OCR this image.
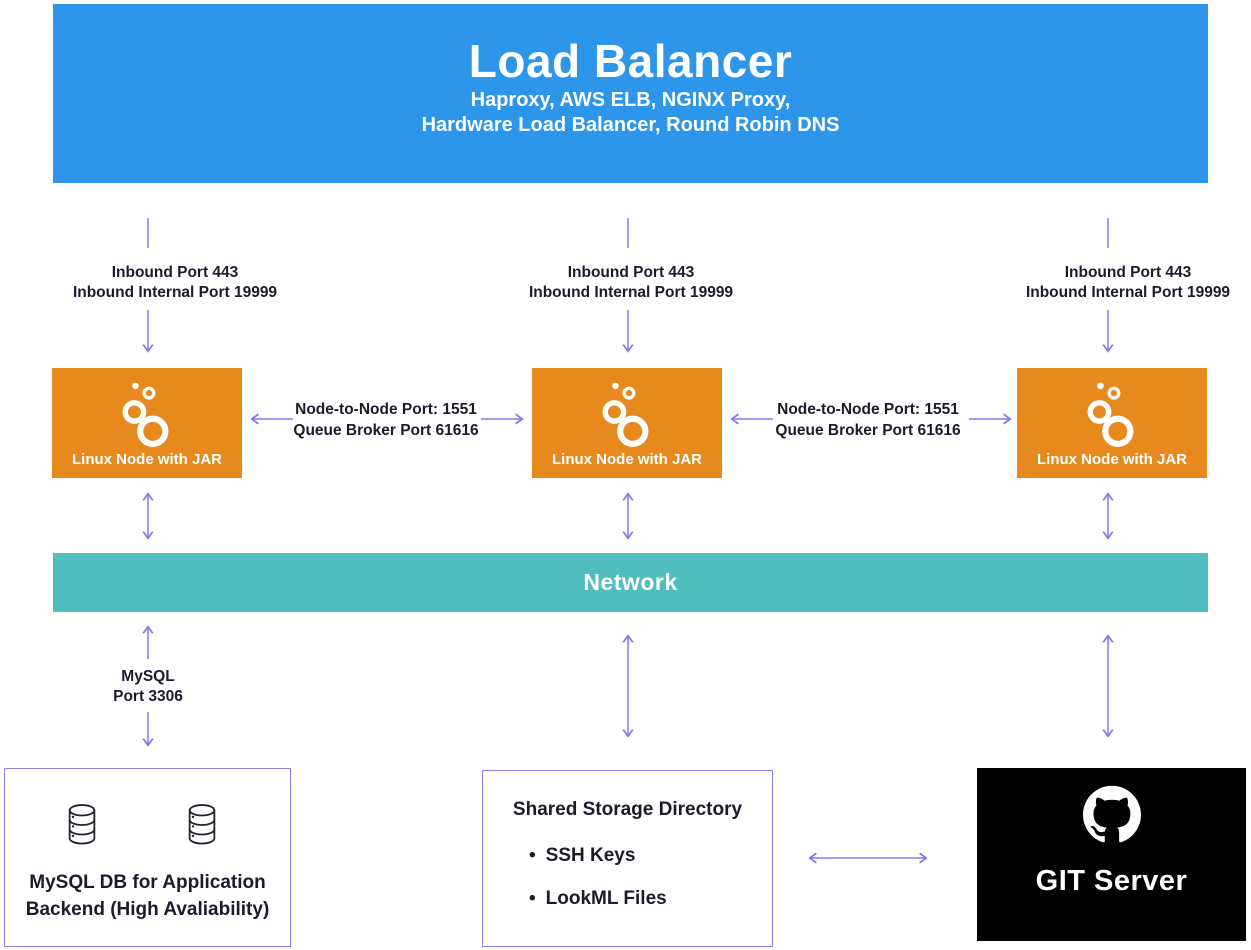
Load Balancer
Haproxy, AWS ELB, NGINX Proxy,
Hardware Load Balancer, Round Robin DNS
Inbound Port 443
Inbound Internal Port 19999
Inbound Port 443
Inbound Internal Port 19999
Inbound Port 443
Inbound Internal Port 19999
Linux Node with JAR	Linux Node with JAR	Linux Node with JAR
Node-to-Node Port: 1551
Queue Broker Port 61616
Node-to-Node Port: 1551
Queue Broker Port 61616
Network
MySQL
Port 3306
MySQL DB for Application
Backend (High Avaliability)
Shared Storage Directory
• SSH Keys
• LookML Files
GIT Server
